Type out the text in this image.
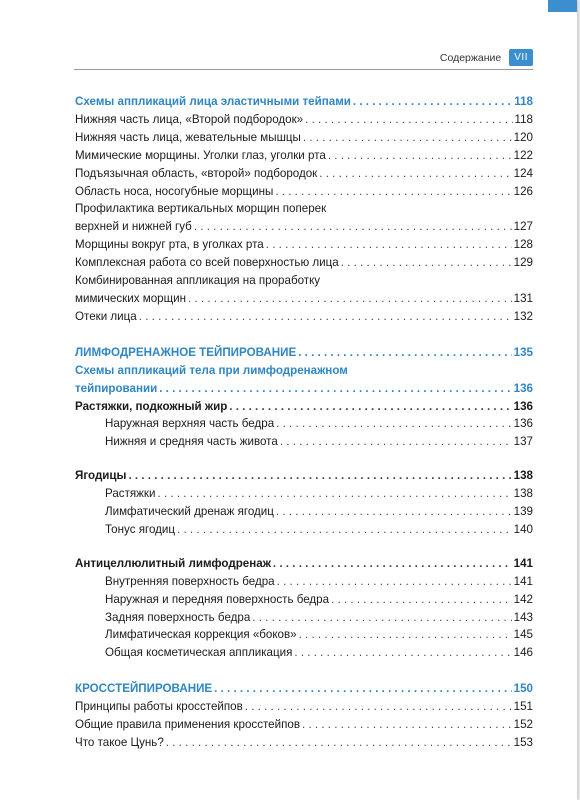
Содержание	VII
Схемы аппликаций лица эластичными тейпами . . .	118
Нижняя часть лица, «Второй подбородок» . . .	118
Нижняя часть лица, жевательные мышцы . . .	120
Мимические морщины. Уголки глаз, уголки рта . . .	122
Подъязычная область, «второй» подбородок . . .	124
Область носа, носогубные морщины . . .	126
Профилактика вертикальных морщин поперек
верхней и нижней губ . . .	127
Морщины вокруг рта, в уголках рта . . .	128
Комплексная работа со всей поверхностью лица . . .	129
Комбинированная аппликация на проработку
мимических морщин . . .	131
Отеки лица . . .	132
ЛИМФОДРЕНАЖНОЕ ТЕЙПИРОВАНИЕ . . .	135
Схемы аппликаций тела при лимфодренажном
тейпировании . . .	136
Растяжки, подкожный жир . . .	136
Наружная верхняя часть бедра . . .	136
Нижняя и средняя часть живота . . .	137
Ягодицы . . .	138
Растяжки . . .	138
Лимфатический дренаж ягодиц . . .	139
Тонус ягодиц . . .	140
Антицеллюлитный лимфодренаж . . .	141
Внутренняя поверхность бедра . . .	141
Наружная и передняя поверхность бедра . . .	142
Задняя поверхность бедра . . .	143
Лимфатическая коррекция «боков» . . .	145
Общая косметическая аппликация . . .	146
КРОССТЕЙПИРОВАНИЕ . . .	150
Принципы работы кросстейпов . . .	151
Общие правила применения кросстейпов . . .	152
Что такое Цунь? . . .	153
